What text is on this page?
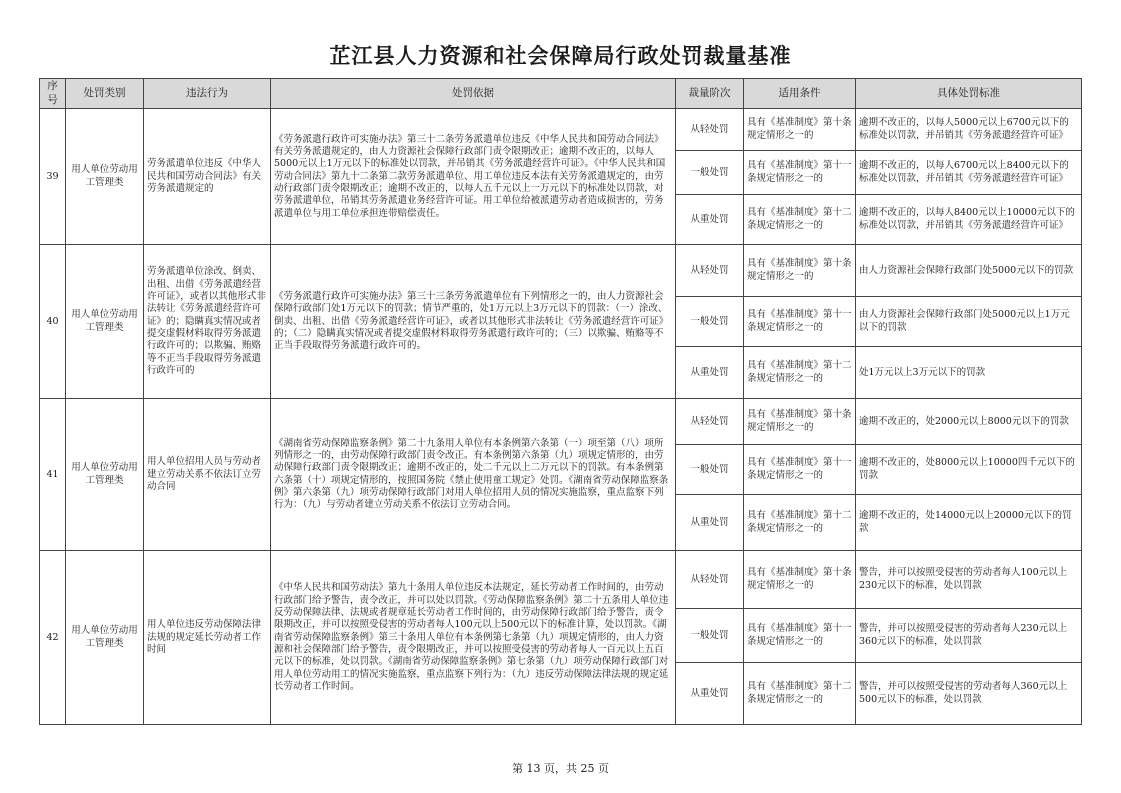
芷江县人力资源和社会保障局行政处罚裁量基准
序号	处罚类别	违法行为	处罚依据	裁量阶次	适用条件	具体处罚标准
39	用人单位劳动用工管理类	劳务派遣单位违反《中华人民共和国劳动合同法》有关劳务派遣规定的	《劳务派遣行政许可实施办法》第三十二条劳务派遣单位违反《中华人民共和国劳动合同法》有关劳务派遣规定的，由人力资源社会保障行政部门责令限期改正；逾期不改正的，以每人5000元以上1万元以下的标准处以罚款，并吊销其《劳务派遣经营许可证》。《中华人民共和国劳动合同法》第九十二条第二款劳务派遣单位、用工单位违反本法有关劳务派遣规定的，由劳动行政部门责令限期改正；逾期不改正的，以每人五千元以上一万元以下的标准处以罚款，对劳务派遣单位，吊销其劳务派遣业务经营许可证。用工单位给被派遣劳动者造成损害的，劳务派遣单位与用工单位承担连带赔偿责任。	从轻处罚	具有《基准制度》第十条规定情形之一的	逾期不改正的，以每人5000元以上6700元以下的标准处以罚款，并吊销其《劳务派遣经营许可证》
				一般处罚	具有《基准制度》第十一条规定情形之一的	逾期不改正的，以每人6700元以上8400元以下的标准处以罚款，并吊销其《劳务派遣经营许可证》
				从重处罚	具有《基准制度》第十二条规定情形之一的	逾期不改正的，以每人8400元以上10000元以下的标准处以罚款，并吊销其《劳务派遣经营许可证》
40	用人单位劳动用工管理类	劳务派遣单位涂改、倒卖、出租、出借《劳务派遣经营许可证》，或者以其他形式非法转让《劳务派遣经营许可证》的；隐瞒真实情况或者提交虚假材料取得劳务派遣行政许可的；以欺骗、贿赂等不正当手段取得劳务派遣行政许可的	《劳务派遣行政许可实施办法》第三十三条劳务派遣单位有下列情形之一的，由人力资源社会保障行政部门处1万元以下的罚款；情节严重的，处1万元以上3万元以下的罚款：（一）涂改、倒卖、出租、出借《劳务派遣经营许可证》，或者以其他形式非法转让《劳务派遣经营许可证》的；（二）隐瞒真实情况或者提交虚假材料取得劳务派遣行政许可的；（三）以欺骗、贿赂等不正当手段取得劳务派遣行政许可的。	从轻处罚	具有《基准制度》第十条规定情形之一的	由人力资源社会保障行政部门处5000元以下的罚款
				一般处罚	具有《基准制度》第十一条规定情形之一的	由人力资源社会保障行政部门处5000元以上1万元以下的罚款
				从重处罚	具有《基准制度》第十二条规定情形之一的	处1万元以上3万元以下的罚款
41	用人单位劳动用工管理类	用人单位招用人员与劳动者建立劳动关系不依法订立劳动合同	《湖南省劳动保障监察条例》第二十九条用人单位有本条例第六条第（一）项至第（八）项所列情形之一的，由劳动保障行政部门责令改正。有本条例第六条第（九）项规定情形的，由劳动保障行政部门责令限期改正；逾期不改正的，处二千元以上二万元以下的罚款。有本条例第六条第（十）项规定情形的，按照国务院《禁止使用童工规定》处罚。《湖南省劳动保障监察条例》第六条第（九）项劳动保障行政部门对用人单位招用人员的情况实施监察，重点监察下列行为：（九）与劳动者建立劳动关系不依法订立劳动合同。	从轻处罚	具有《基准制度》第十条规定情形之一的	逾期不改正的，处2000元以上8000元以下的罚款
				一般处罚	具有《基准制度》第十一条规定情形之一的	逾期不改正的，处8000元以上10000四千元以下的罚款
				从重处罚	具有《基准制度》第十二条规定情形之一的	逾期不改正的，处14000元以上20000元以下的罚款
42	用人单位劳动用工管理类	用人单位违反劳动保障法律法规的规定延长劳动者工作时间	《中华人民共和国劳动法》第九十条用人单位违反本法规定，延长劳动者工作时间的，由劳动行政部门给予警告，责令改正，并可以处以罚款。《劳动保障监察条例》第二十五条用人单位违反劳动保障法律、法规或者规章延长劳动者工作时间的，由劳动保障行政部门给予警告，责令限期改正，并可以按照受侵害的劳动者每人100元以上500元以下的标准计算，处以罚款。《湖南省劳动保障监察条例》第三十条用人单位有本条例第七条第（九）项规定情形的，由人力资源和社会保障部门给予警告，责令限期改正，并可以按照受侵害的劳动者每人一百元以上五百元以下的标准，处以罚款。《湖南省劳动保障监察条例》第七条第（九）项劳动保障行政部门对用人单位劳动用工的情况实施监察，重点监察下列行为：（九）违反劳动保障法律法规的规定延长劳动者工作时间。	从轻处罚	具有《基准制度》第十条规定情形之一的	警告，并可以按照受侵害的劳动者每人100元以上230元以下的标准，处以罚款
				一般处罚	具有《基准制度》第十一条规定情形之一的	警告，并可以按照受侵害的劳动者每人230元以上360元以下的标准，处以罚款
				从重处罚	具有《基准制度》第十二条规定情形之一的	警告，并可以按照受侵害的劳动者每人360元以上500元以下的标准，处以罚款
第 13 页，共 25 页
